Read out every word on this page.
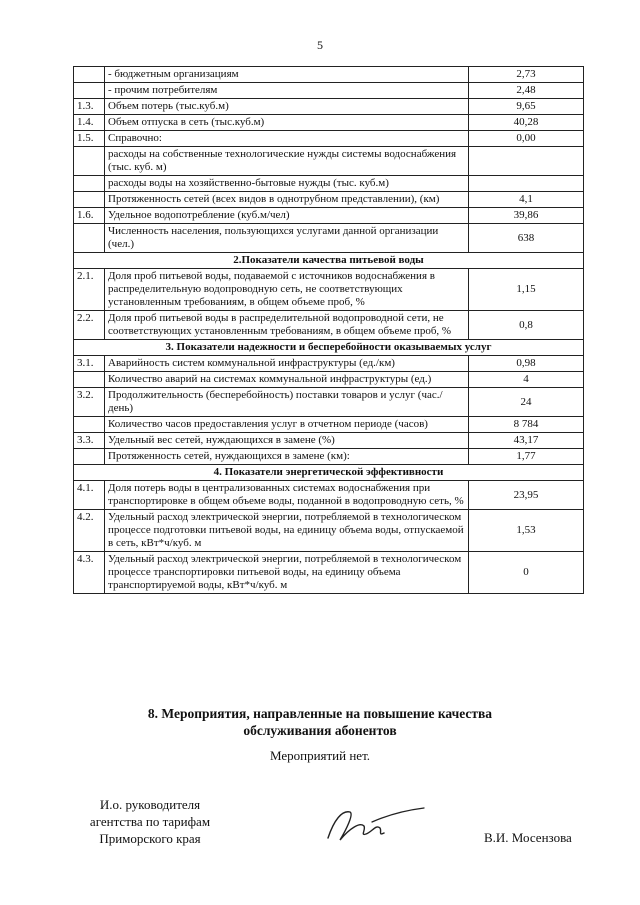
5
	- бюджетным организациям	2,73
	- прочим потребителям	2,48
1.3.	Объем потерь (тыс.куб.м)	9,65
1.4.	Объем отпуска в сеть (тыс.куб.м)	40,28
1.5.	Справочно:	0,00
	расходы на собственные технологические нужды системы водоснабжения (тыс. куб. м)	
	расходы воды на хозяйственно-бытовые нужды (тыс. куб.м)	
	Протяженность сетей (всех видов в однотрубном представлении), (км)	4,1
1.6.	Удельное водопотребление (куб.м/чел)	39,86
	Численность населения, пользующихся услугами данной организации (чел.)	638
2.Показатели качества питьевой воды		
2.1.	Доля проб питьевой воды, подаваемой с источников водоснабжения в распределительную водопроводную сеть, не соответствующих установленным требованиям, в общем объеме проб, %	1,15
2.2.	Доля проб питьевой воды в распределительной водопроводной сети, не соответствующих установленным требованиям, в общем объеме проб, %	0,8
3. Показатели надежности и бесперебойности оказываемых услуг		
3.1.	Аварийность систем коммунальной инфраструктуры (ед./км)	0,98
	Количество аварий на системах коммунальной инфраструктуры (ед.)	4
3.2.	Продолжительность (бесперебойность) поставки товаров и услуг (час./день)	24
	Количество часов предоставления услуг в отчетном периоде (часов)	8 784
3.3.	Удельный вес сетей, нуждающихся в замене (%)	43,17
	Протяженность сетей, нуждающихся в замене (км):	1,77
4. Показатели энергетической эффективности		
4.1.	Доля потерь воды в централизованных системах водоснабжения при транспортировке в общем объеме воды, поданной в водопроводную сеть, %	23,95
4.2.	Удельный расход электрической энергии, потребляемой в технологическом процессе подготовки питьевой воды, на единицу объема воды, отпускаемой в сеть, кВт*ч/куб. м	1,53
4.3.	Удельный расход электрической энергии, потребляемой в технологическом процессе транспортировки питьевой воды, на единицу объема транспортируемой воды, кВт*ч/куб. м	0
8. Мероприятия, направленные на повышение качества
обслуживания абонентов
Мероприятий нет.
И.о. руководителя
агентства по тарифам
Приморского края	В.И. Мосензова
